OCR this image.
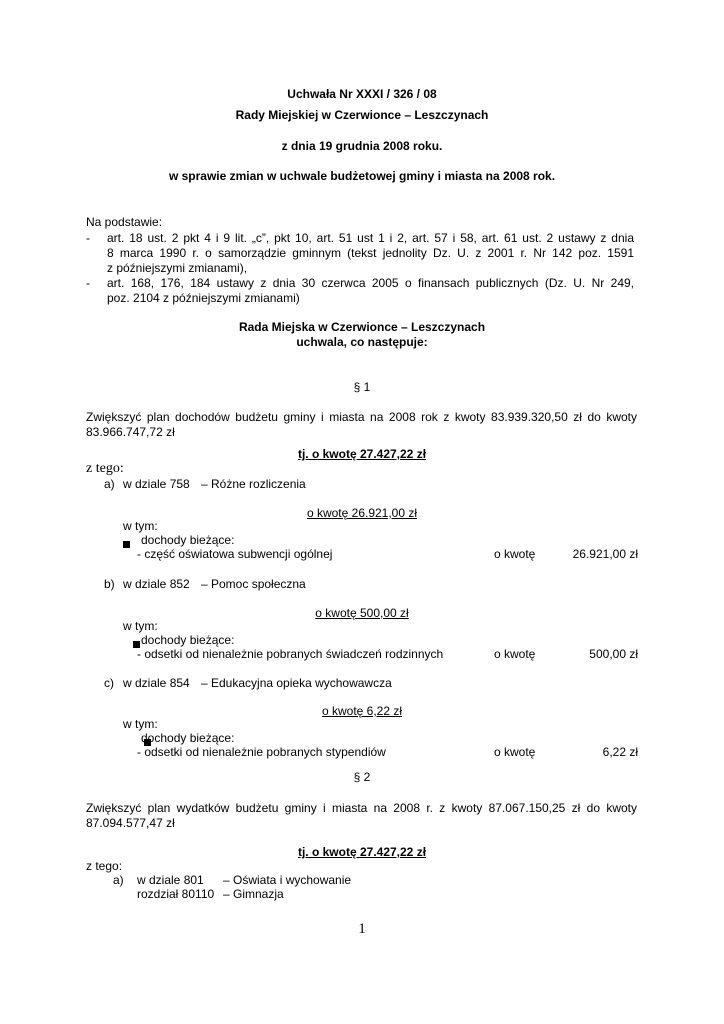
Uchwała Nr XXXI / 326 / 08
Rady Miejskiej w Czerwionce – Leszczynach
z dnia 19 grudnia 2008 roku.
w sprawie zmian w uchwale budżetowej gminy i miasta na 2008 rok.
Na podstawie:
- art. 18 ust. 2 pkt 4 i 9 lit. „c”, pkt 10, art. 51 ust 1 i 2, art. 57 i 58, art. 61 ust. 2 ustawy z dnia
8 marca 1990 r. o samorządzie gminnym (tekst jednolity Dz. U. z 2001 r. Nr 142 poz. 1591
z późniejszymi zmianami),
- art. 168, 176, 184 ustawy z dnia 30 czerwca 2005 o finansach publicznych (Dz. U. Nr 249,
poz. 2104 z późniejszymi zmianami)
Rada Miejska w Czerwionce – Leszczynach
uchwala, co następuje:
§ 1
Zwiększyć plan dochodów budżetu gminy i miasta na 2008 rok z kwoty 83.939.320,50 zł do kwoty
83.966.747,72 zł
tj. o kwotę 27.427,22 zł
z tego:
a) w dziale 758 – Różne rozliczenia
o kwotę 26.921,00 zł
w tym:

dochody bieżące:
- część oświatowa subwencji ogólnej	o kwotę	26.921,00 zł
b) w dziale 852 – Pomoc społeczna
o kwotę 500,00 zł
w tym:

dochody bieżące:
- odsetki od nienależnie pobranych świadczeń rodzinnych	o kwotę	500,00 zł
c) w dziale 854 – Edukacyjna opieka wychowawcza
o kwotę 6,22 zł
w tym:
dochody bieżące:
- odsetki od nienależnie pobranych stypendiów	o kwotę	6,22 zł
§ 2
Zwiększyć plan wydatków budżetu gminy i miasta na 2008 r. z kwoty 87.067.150,25 zł do kwoty
87.094.577,47 zł
tj. o kwotę 27.427,22 zł
z tego:
a) w dziale 801 – Oświata i wychowanie
rozdział 80110 – Gimnazja
1
